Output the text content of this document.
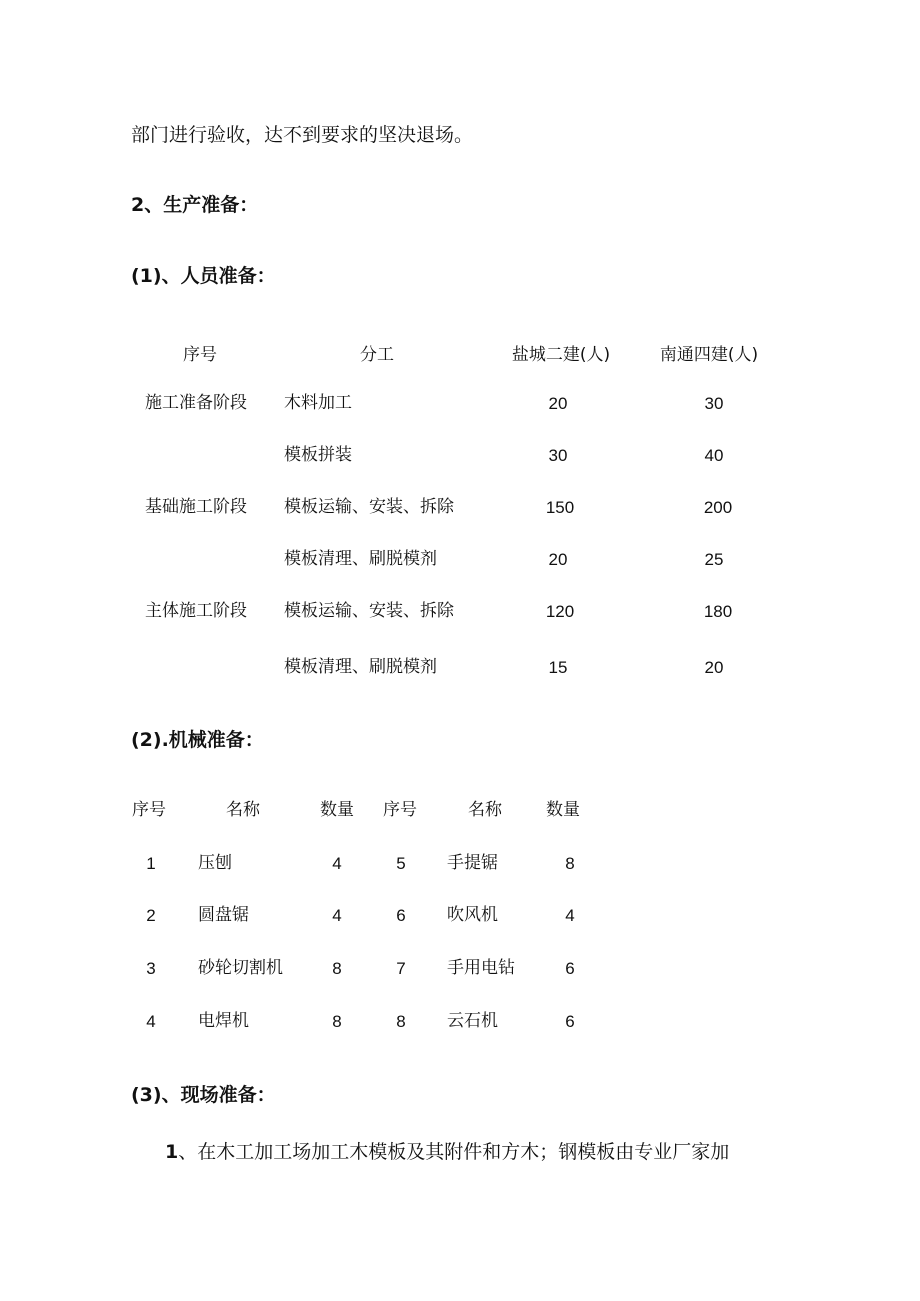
部门进行验收，达不到要求的坚决退场。
2、生产准备：
(1)、人员准备：
序号	分工	盐城二建(人)	南通四建(人)
施工准备阶段 木料加工	20	30
模板拼装	30	40
基础施工阶段 模板运输、安装、拆除	150	200
模板清理、刷脱模剂	20	25
主体施工阶段 模板运输、安装、拆除	120	180
模板清理、刷脱模剂	15	20
(2).机械准备：
序号	名称	数量 序号	名称	数量
1 压刨	4	5 手提锯	8
2 圆盘锯	4	6 吹风机	4
3 砂轮切割机	8	7 手用电钻	6
4 电焊机	8	8 云石机	6
(3)、现场准备：
1、在木工加工场加工木模板及其附件和方木；钢模板由专业厂家加
